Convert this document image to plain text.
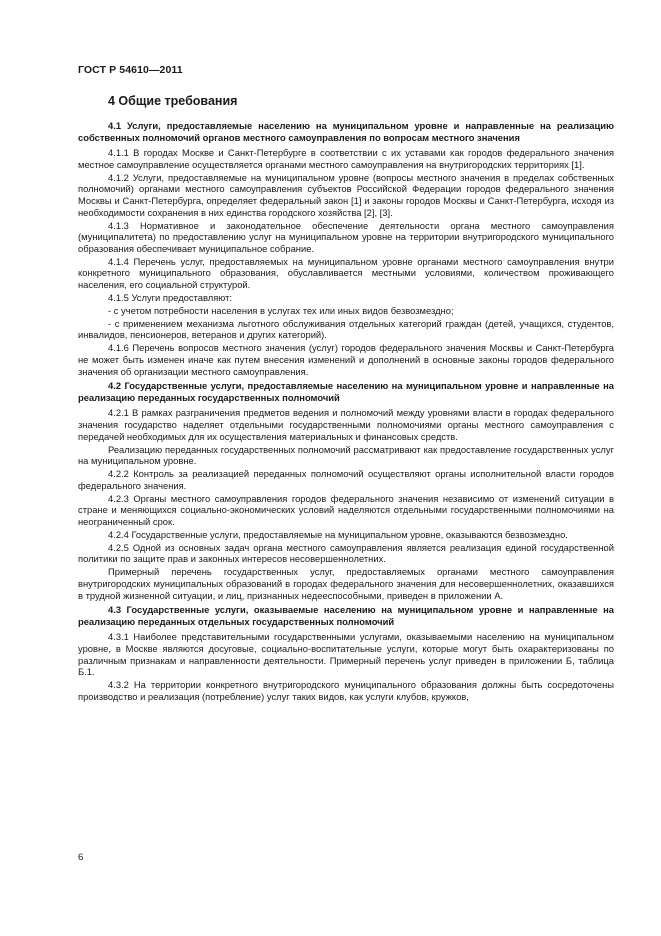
ГОСТ Р 54610—2011
4 Общие требования
4.1 Услуги, предоставляемые населению на муниципальном уровне и направленные на реализацию собственных полномочий органов местного самоуправления по вопросам местного значения
4.1.1 В городах Москве и Санкт-Петербурге в соответствии с их уставами как городов федерального значения местное самоуправление осуществляется органами местного самоуправления на внутригородских территориях [1].
4.1.2 Услуги, предоставляемые на муниципальном уровне (вопросы местного значения в пределах собственных полномочий) органами местного самоуправления субъектов Российской Федерации городов федерального значения Москвы и Санкт-Петербурга, определяет федеральный закон [1] и законы городов Москвы и Санкт-Петербурга, исходя из необходимости сохранения в них единства городского хозяйства [2], [3].
4.1.3 Нормативное и законодательное обеспечение деятельности органа местного самоуправления (муниципалитета) по предоставлению услуг на муниципальном уровне на территории внутригородского муниципального образования обеспечивает муниципальное собрание.
4.1.4 Перечень услуг, предоставляемых на муниципальном уровне органами местного самоуправления внутри конкретного муниципального образования, обуславливается местными условиями, количеством проживающего населения, его социальной структурой.
4.1.5 Услуги предоставляют:
- с учетом потребности населения в услугах тех или иных видов безвозмездно;
- с применением механизма льготного обслуживания отдельных категорий граждан (детей, учащихся, студентов, инвалидов, пенсионеров, ветеранов и других категорий).
4.1.6 Перечень вопросов местного значения (услуг) городов федерального значения Москвы и Санкт-Петербурга не может быть изменен иначе как путем внесения изменений и дополнений в основные законы городов федерального значения об организации местного самоуправления.
4.2 Государственные услуги, предоставляемые населению на муниципальном уровне и направленные на реализацию переданных государственных полномочий
4.2.1 В рамках разграничения предметов ведения и полномочий между уровнями власти в городах федерального значения государство наделяет отдельными государственными полномочиями органы местного самоуправления с передачей необходимых для их осуществления материальных и финансовых средств.
Реализацию переданных государственных полномочий рассматривают как предоставление государственных услуг на муниципальном уровне.
4.2.2 Контроль за реализацией переданных полномочий осуществляют органы исполнительной власти городов федерального значения.
4.2.3 Органы местного самоуправления городов федерального значения независимо от изменений ситуации в стране и меняющихся социально-экономических условий наделяются отдельными государственными полномочиями на неограниченный срок.
4.2.4 Государственные услуги, предоставляемые на муниципальном уровне, оказываются безвозмездно.
4.2.5 Одной из основных задач органа местного самоуправления является реализация единой государственной политики по защите прав и законных интересов несовершеннолетних.
Примерный перечень государственных услуг, предоставляемых органами местного самоуправления внутригородских муниципальных образований в городах федерального значения для несовершеннолетних, оказавшихся в трудной жизненной ситуации, и лиц, признанных недееспособными, приведен в приложении А.
4.3 Государственные услуги, оказываемые населению на муниципальном уровне и направленные на реализацию переданных отдельных государственных полномочий
4.3.1 Наиболее представительными государственными услугами, оказываемыми населению на муниципальном уровне, в Москве являются досуговые, социально-воспитательные услуги, которые могут быть охарактеризованы по различным признакам и направленности деятельности. Примерный перечень услуг приведен в приложении Б, таблица Б.1.
4.3.2 На территории конкретного внутригородского муниципального образования должны быть сосредоточены производство и реализация (потребление) услуг таких видов, как услуги клубов, кружков,
6
